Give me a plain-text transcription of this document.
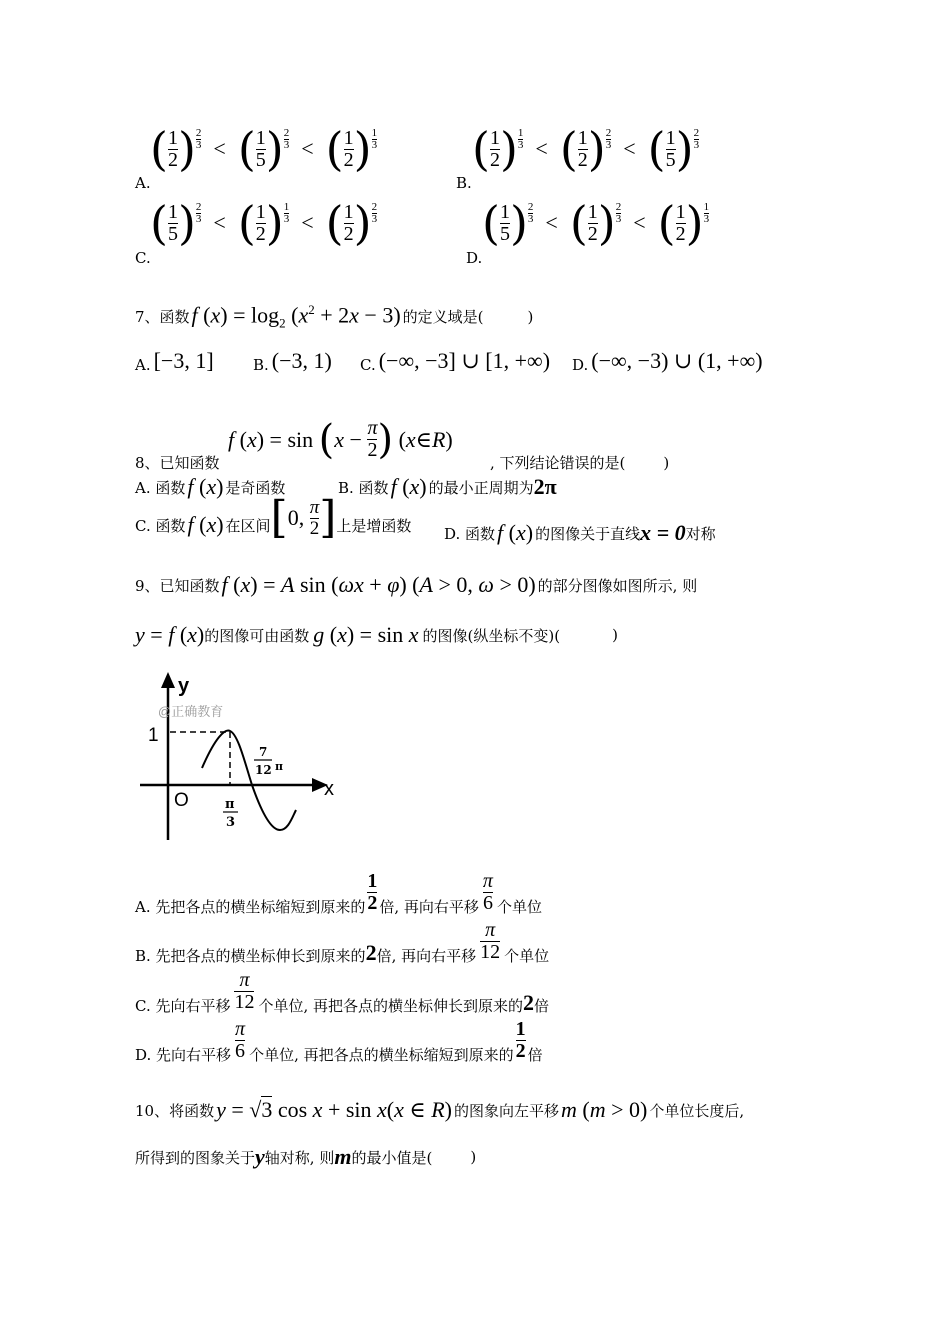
A.
( $\frac{1}{2}$ ) 2
3 < ( $\frac{1}{5}$ ) 2
3 < ( $\frac{1}{2}$ ) 1
3
B.
( $\frac{1}{2}$ ) 1
3 < ( $\frac{1}{2}$ ) 2
3 < ( $\frac{1}{5}$ ) 2
3
C.
( $\frac{1}{5}$ ) 2
3 < ( $\frac{1}{2}$ ) 1
3 < ( $\frac{1}{2}$ ) 2
3
D.
( $\frac{1}{5}$ ) 2
3 < ( $\frac{1}{2}$ ) 2
3 < ( $\frac{1}{2}$ ) 1
3
7、函数 f $(x) = \log_2 (x^2 + 2x - 3)$ 的定义域是(	)
A. [−3, 1]	B. (−3, 1) C. (−∞, −3] ∪ [1, +∞) D. (−∞, −3) ∪ (1, +∞)
8、已知函数
f ( x ) = sin ( $x - \frac{\pi}{2}$ ) ( x ∈ R )
, 下列结论错误的是(	)
A. 函数 f (x) 是奇函数	B. 函数 f (x) 的最小正周期为 2π
C. 函数 f (x) 在区间 [ 0, $\frac{\pi}{2}$ ] 上是增函数 D. 函数 f (x) 的图像关于直线 x = 0 对称
9、已知函数 f (x) = A sin (ωx + φ) (A > 0, ω > 0) 的部分图像如图所示, 则
y = f (x) 的图像可由函数 g (x) = sin x 的图像(纵坐标不变)(	)
y
x
O
1
@正确教育
π
3
7
12 π
A. 先把各点的横坐标缩短到原来的 $\frac{1}{2}$ 倍, 再向右平移 $\frac{\pi}{6}$ 个单位
B. 先把各点的横坐标伸长到原来的 2 倍, 再向右平移 $\frac{\pi}{12}$ 个单位
C. 先向右平移 $\frac{\pi}{12}$ 个单位, 再把各点的横坐标伸长到原来的 2 倍
D. 先向右平移 $\frac{\pi}{6}$ 个单位, 再把各点的横坐标缩短到原来的 $\frac{1}{2}$ 倍
10、将函数 y = √3 cos x + sin x(x ∈ R) 的图象向左平移 m (m > 0) 个单位长度后,
所得到的图象关于 y 轴对称, 则 m 的最小值是(	)
